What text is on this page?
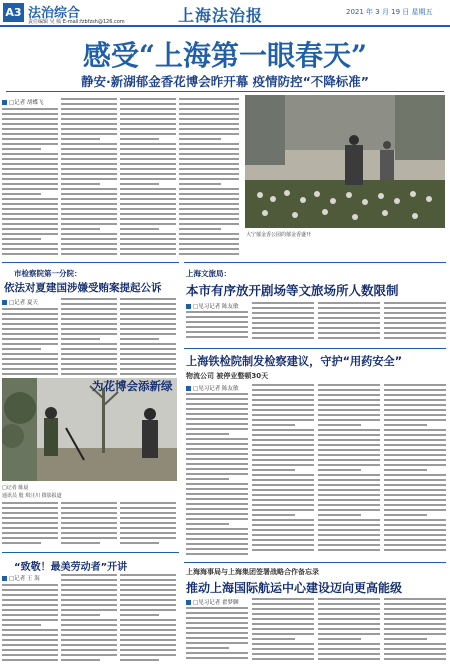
A3 法治综合
责任编辑 吴 嫣 E-mail:fzbfzsh@126.com	上海法治报	2021 年 3 月 19 日 星期五
感受“上海第一眼春天”
静安·新湖郁金香花博会昨开幕 疫情防控“不降标准”
□记者 胡蝶飞
大宁郁金香公园的郁金香盛开
市检察院第一分院：
依法对夏建国涉嫌受贿案提起公诉
□记者 夏天
为花博会添新绿
□记者 陈晨
通讯员 殷 琪汪川 摄影报道
“致敬！最美劳动者”开讲
□记者 王 海
上海文旅局：
本市有序放开剧场等文旅场所人数限制
□见习记者 陈友敏
上海铁检院制发检察建议，守护“用药安全”
物流公司 被停业整顿30天
□见习记者 陈友敏
上海海事局与上海集团签署战略合作备忘录
推动上海国际航运中心建设迈向更高能级
□见习记者 翟梦聊
